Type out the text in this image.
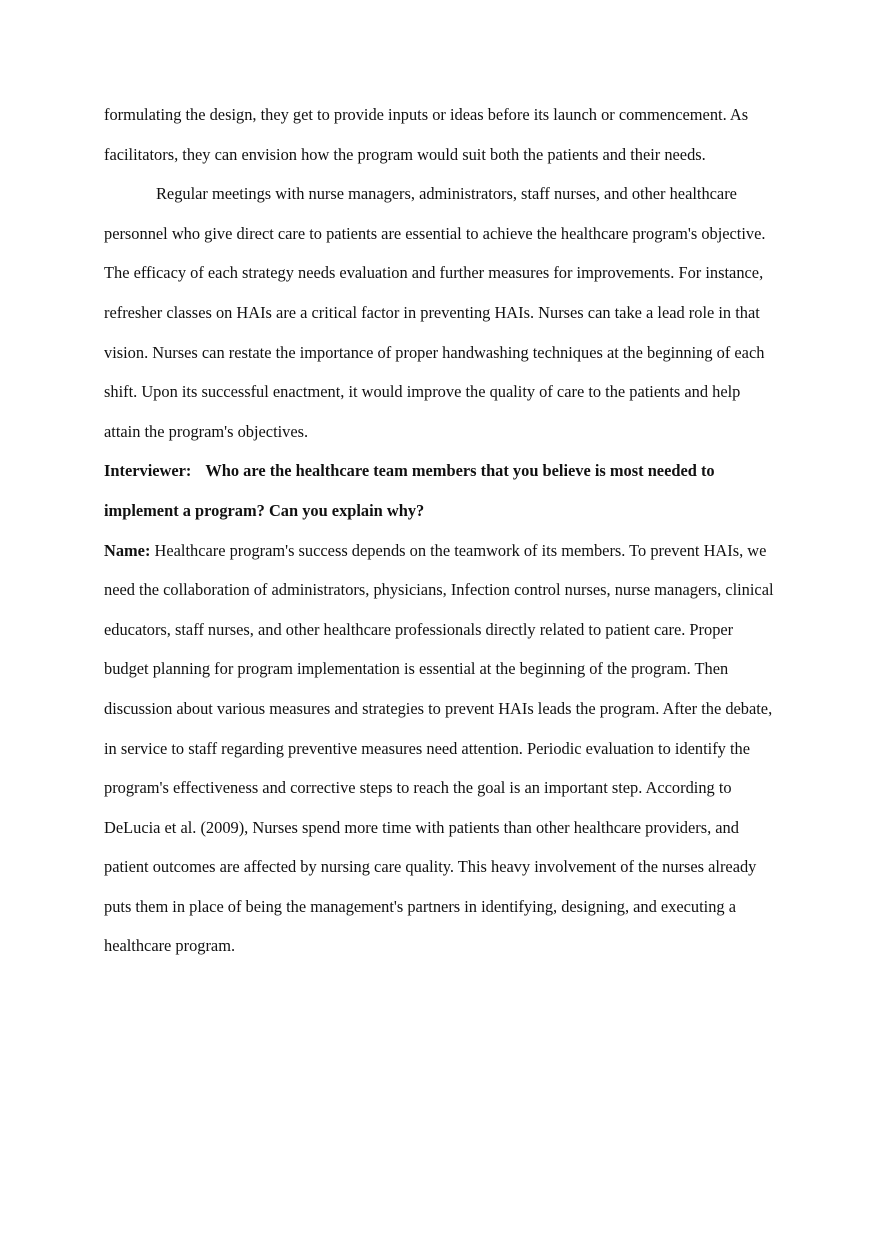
formulating the design, they get to provide inputs or ideas before its launch or commencement. As facilitators, they can envision how the program would suit both the patients and their needs.

Regular meetings with nurse managers, administrators, staff nurses, and other healthcare personnel who give direct care to patients are essential to achieve the healthcare program's objective. The efficacy of each strategy needs evaluation and further measures for improvements. For instance, refresher classes on HAIs are a critical factor in preventing HAIs. Nurses can take a lead role in that vision. Nurses can restate the importance of proper handwashing techniques at the beginning of each shift. Upon its successful enactment, it would improve the quality of care to the patients and help attain the program's objectives.

Interviewer: Who are the healthcare team members that you believe is most needed to implement a program? Can you explain why?

Name: Healthcare program's success depends on the teamwork of its members. To prevent HAIs, we need the collaboration of administrators, physicians, Infection control nurses, nurse managers, clinical educators, staff nurses, and other healthcare professionals directly related to patient care. Proper budget planning for program implementation is essential at the beginning of the program. Then discussion about various measures and strategies to prevent HAIs leads the program. After the debate, in service to staff regarding preventive measures need attention. Periodic evaluation to identify the program's effectiveness and corrective steps to reach the goal is an important step. According to DeLucia et al. (2009), Nurses spend more time with patients than other healthcare providers, and patient outcomes are affected by nursing care quality. This heavy involvement of the nurses already puts them in place of being the management's partners in identifying, designing, and executing a healthcare program.
